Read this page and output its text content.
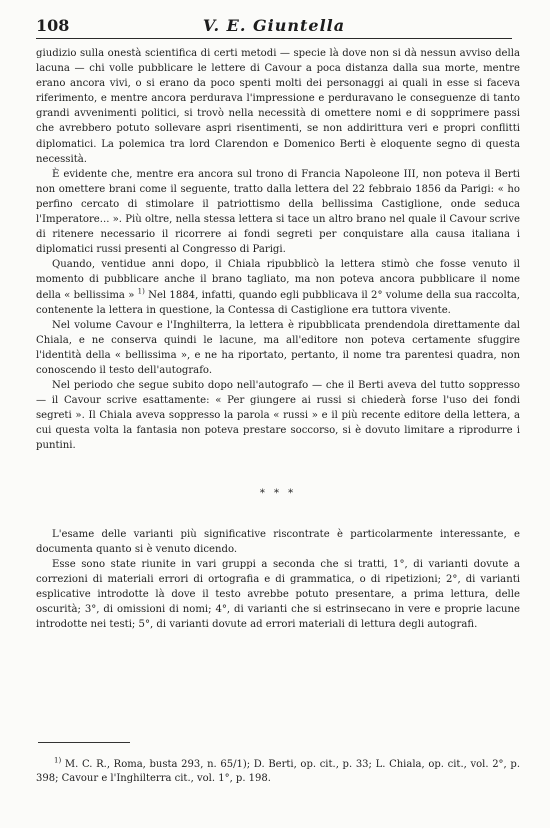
108	V. E. Giuntella

giudizio sulla onestà scientifica di certi metodi — specie là dove non si dà nessun avviso della lacuna — chi volle pubblicare le lettere di Cavour a poca distanza dalla sua morte, mentre erano ancora vivi, o si erano da poco spenti molti dei personaggi ai quali in esse si faceva riferimento, e mentre ancora perdurava l'impressione e perduravano le conseguenze di tanto grandi avvenimenti politici, si trovò nella necessità di omettere nomi e di sopprimere passi che avrebbero potuto sollevare aspri risentimenti, se non addirittura veri e propri conflitti diplomatici. La polemica tra lord Clarendon e Domenico Berti è eloquente segno di questa necessità.

È evidente che, mentre era ancora sul trono di Francia Napoleone III, non poteva il Berti non omettere brani come il seguente, tratto dalla lettera del 22 febbraio 1856 da Parigi: « ho perfino cercato di stimolare il patriottismo della bellissima Castiglione, onde seduca l'Imperatore... ». Più oltre, nella stessa lettera si tace un altro brano nel quale il Cavour scrive di ritenere necessario il ricorrere ai fondi segreti per conquistare alla causa italiana i diplomatici russi presenti al Congresso di Parigi.

Quando, ventidue anni dopo, il Chiala ripubblicò la lettera stimò che fosse venuto il momento di pubblicare anche il brano tagliato, ma non poteva ancora pubblicare il nome della « bellissima » $^{1)}$ Nel 1884, infatti, quando egli pubblicava il 2° volume della sua raccolta, contenente la lettera in questione, la Contessa di Castiglione era tuttora vivente.

Nel volume Cavour e l'Inghilterra, la lettera è ripubblicata prendendola direttamente dal Chiala, e ne conserva quindi le lacune, ma all'editore non poteva certamente sfuggire l'identità della « bellissima », e ne ha riportato, pertanto, il nome tra parentesi quadra, non conoscendo il testo dell'autografo.

Nel periodo che segue subito dopo nell'autografo — che il Berti aveva del tutto soppresso — il Cavour scrive esattamente: « Per giungere ai russi si chiederà forse l'uso dei fondi segreti ». Il Chiala aveva soppresso la parola « russi » e il più recente editore della lettera, a cui questa volta la fantasia non poteva prestare soccorso, si è dovuto limitare a riprodurre i puntini.

* * *

L'esame delle varianti più significative riscontrate è particolarmente interessante, e documenta quanto si è venuto dicendo.

Esse sono state riunite in vari gruppi a seconda che si tratti, 1°, di varianti dovute a correzioni di materiali errori di ortografia e di grammatica, o di ripetizioni; 2°, di varianti esplicative introdotte là dove il testo avrebbe potuto presentare, a prima lettura, delle oscurità; 3°, di omissioni di nomi; 4°, di varianti che si estrinsecano in vere e proprie lacune introdotte nei testi; 5°, di varianti dovute ad errori materiali di lettura degli autografi.

$^{1)}$ M. C. R., Roma, busta 293, n. 65/1); D. Berti, op. cit., p. 33; L. Chiala, op. cit., vol. 2°, p. 398; Cavour e l'Inghilterra cit., vol. 1°, p. 198.
